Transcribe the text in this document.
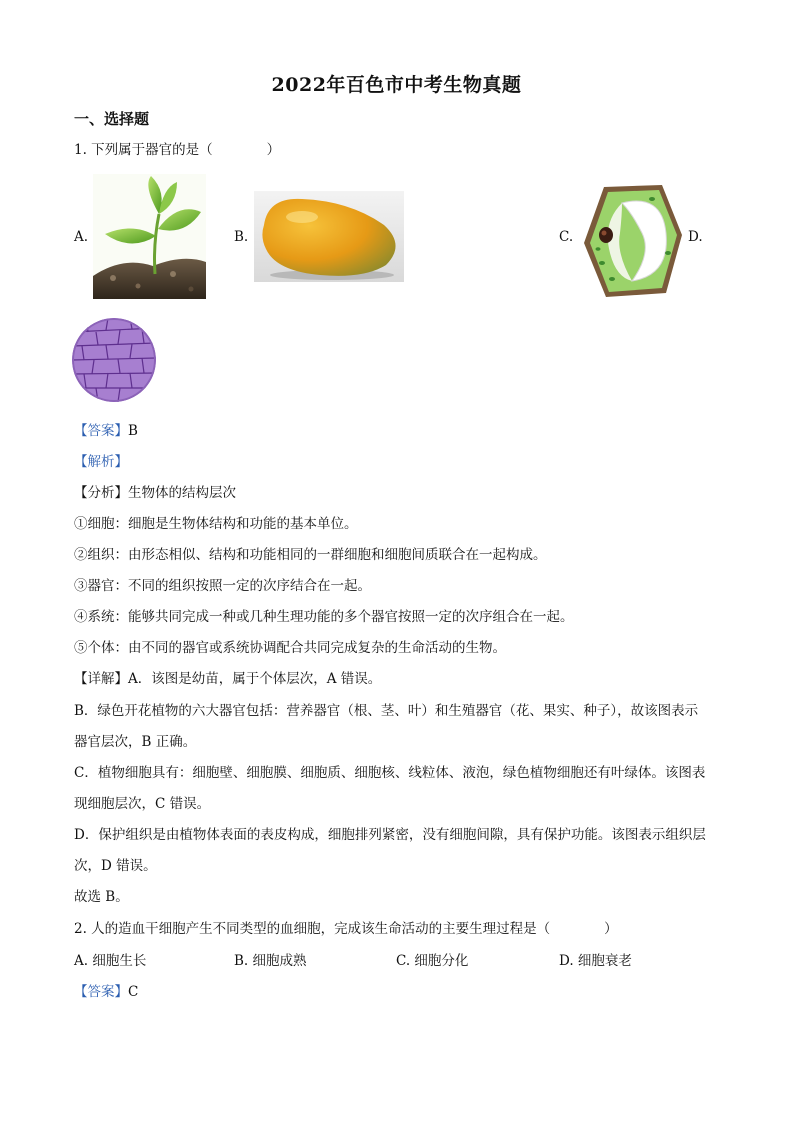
2022年百色市中考生物真题
一、选择题
1. 下列属于器官的是（　　　　）
A.	B.	C.	D.
【答案】B
【解析】
【分析】生物体的结构层次
①细胞：细胞是生物体结构和功能的基本单位。
②组织：由形态相似、结构和功能相同的一群细胞和细胞间质联合在一起构成。
③器官：不同的组织按照一定的次序结合在一起。
④系统：能够共同完成一种或几种生理功能的多个器官按照一定的次序组合在一起。
⑤个体：由不同的器官或系统协调配合共同完成复杂的生命活动的生物。
【详解】A．该图是幼苗，属于个体层次，A 错误。
B．绿色开花植物的六大器官包括：营养器官（根、茎、叶）和生殖器官（花、果实、种子），故该图表示
器官层次，B 正确。
C．植物细胞具有：细胞壁、细胞膜、细胞质、细胞核、线粒体、液泡，绿色植物细胞还有叶绿体。该图表
现细胞层次，C 错误。
D．保护组织是由植物体表面的表皮构成，细胞排列紧密，没有细胞间隙，具有保护功能。该图表示组织层
次，D 错误。
故选 B。
2. 人的造血干细胞产生不同类型的血细胞，完成该生命活动的主要生理过程是（　　　　）
A. 细胞生长	B. 细胞成熟	C. 细胞分化	D. 细胞衰老
【答案】C
